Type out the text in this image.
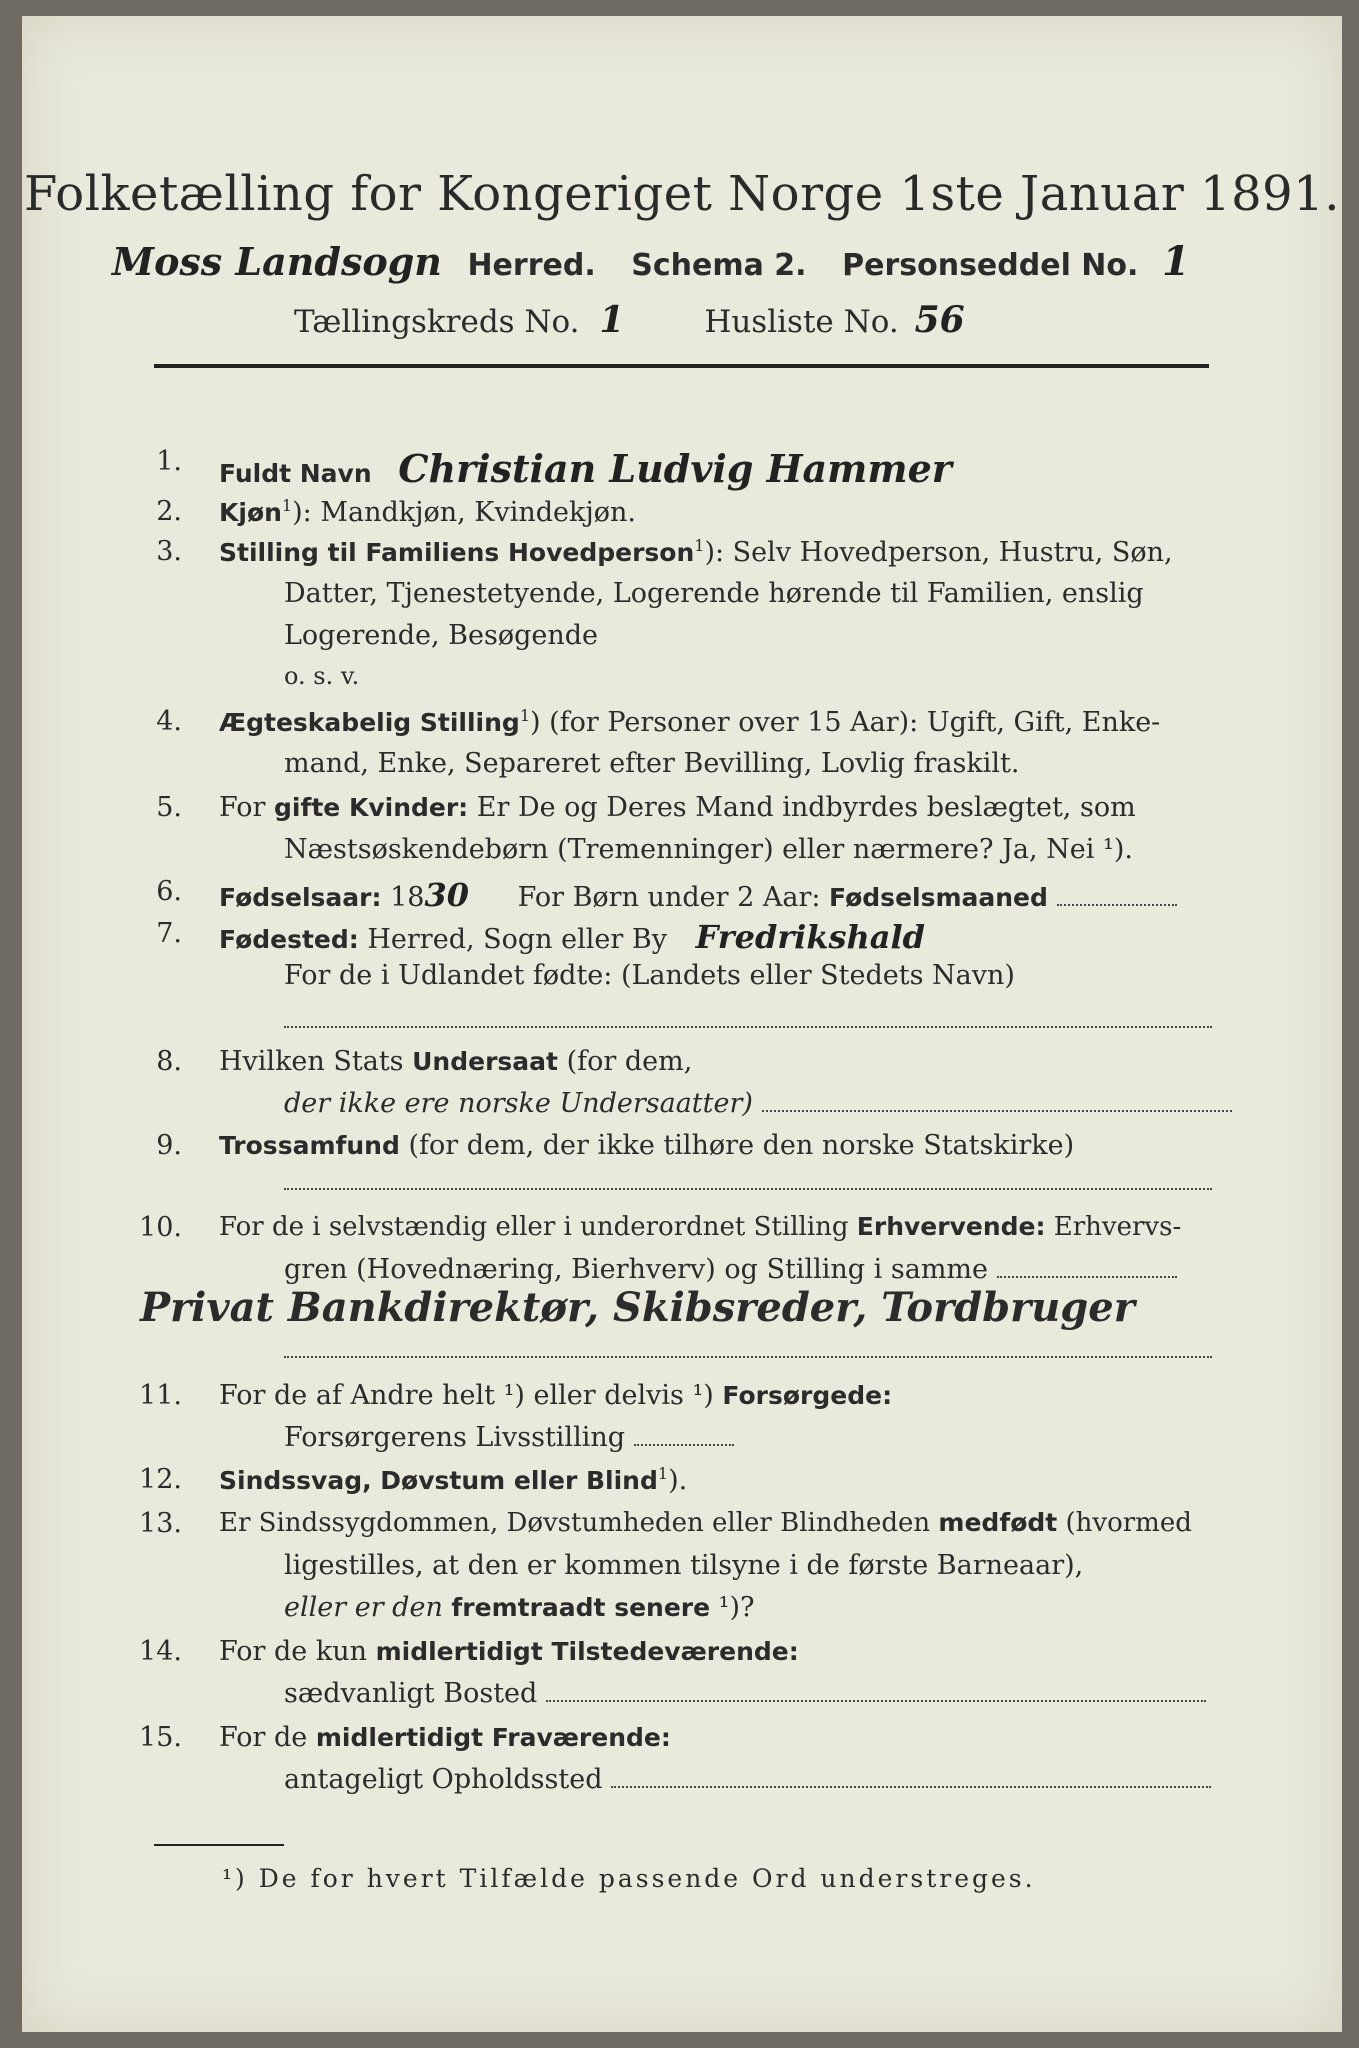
Folketælling for Kongeriget Norge 1ste Januar 1891.
Moss Landsogn Herred. Schema 2. Personseddel No. 1
Tællingskreds No. 1	Husliste No. 56
1. Fuldt Navn Christian Ludvig Hammer
2. Kjøn$^1$): Mandkjøn, Kvindekjøn.
3. Stilling til Familiens Hovedperson$^1$): Selv Hovedperson, Hustru, Søn,
Datter, Tjenestetyende, Logerende hørende til Familien, enslig
Logerende, Besøgende
o. s. v.
4. Ægteskabelig Stilling$^1$) (for Personer over 15 Aar): Ugift, Gift, Enke-
mand, Enke, Separeret efter Bevilling, Lovlig fraskilt.
5. For gifte Kvinder: Er De og Deres Mand indbyrdes beslægtet, som
Næstsøskendebørn (Tremenninger) eller nærmere? Ja, Nei ¹).
6. Fødselsaar: 1830 For Børn under 2 Aar: Fødselsmaaned
7. Fødested: Herred, Sogn eller By Fredrikshald
For de i Udlandet fødte: (Landets eller Stedets Navn)
8. Hvilken Stats Undersaat (for dem,
der ikke ere norske Undersaatter)
9. Trossamfund (for dem, der ikke tilhøre den norske Statskirke)
10. For de i selvstændig eller i underordnet Stilling Erhvervende: Erhvervs-
gren (Hovednæring, Bierhverv) og Stilling i samme
Privat Bankdirektør, Skibsreder, Tordbruger
11. For de af Andre helt ¹) eller delvis ¹) Forsørgede:
Forsørgerens Livsstilling
12. Sindssvag, Døvstum eller Blind$^1$).
13. Er Sindssygdommen, Døvstumheden eller Blindheden medfødt (hvormed
ligestilles, at den er kommen tilsyne i de første Barneaar),
eller er den fremtraadt senere ¹)?
14. For de kun midlertidigt Tilstedeværende:
sædvanligt Bosted
15. For de midlertidigt Fraværende:
antageligt Opholdssted
¹) De for hvert Tilfælde passende Ord understreges.
